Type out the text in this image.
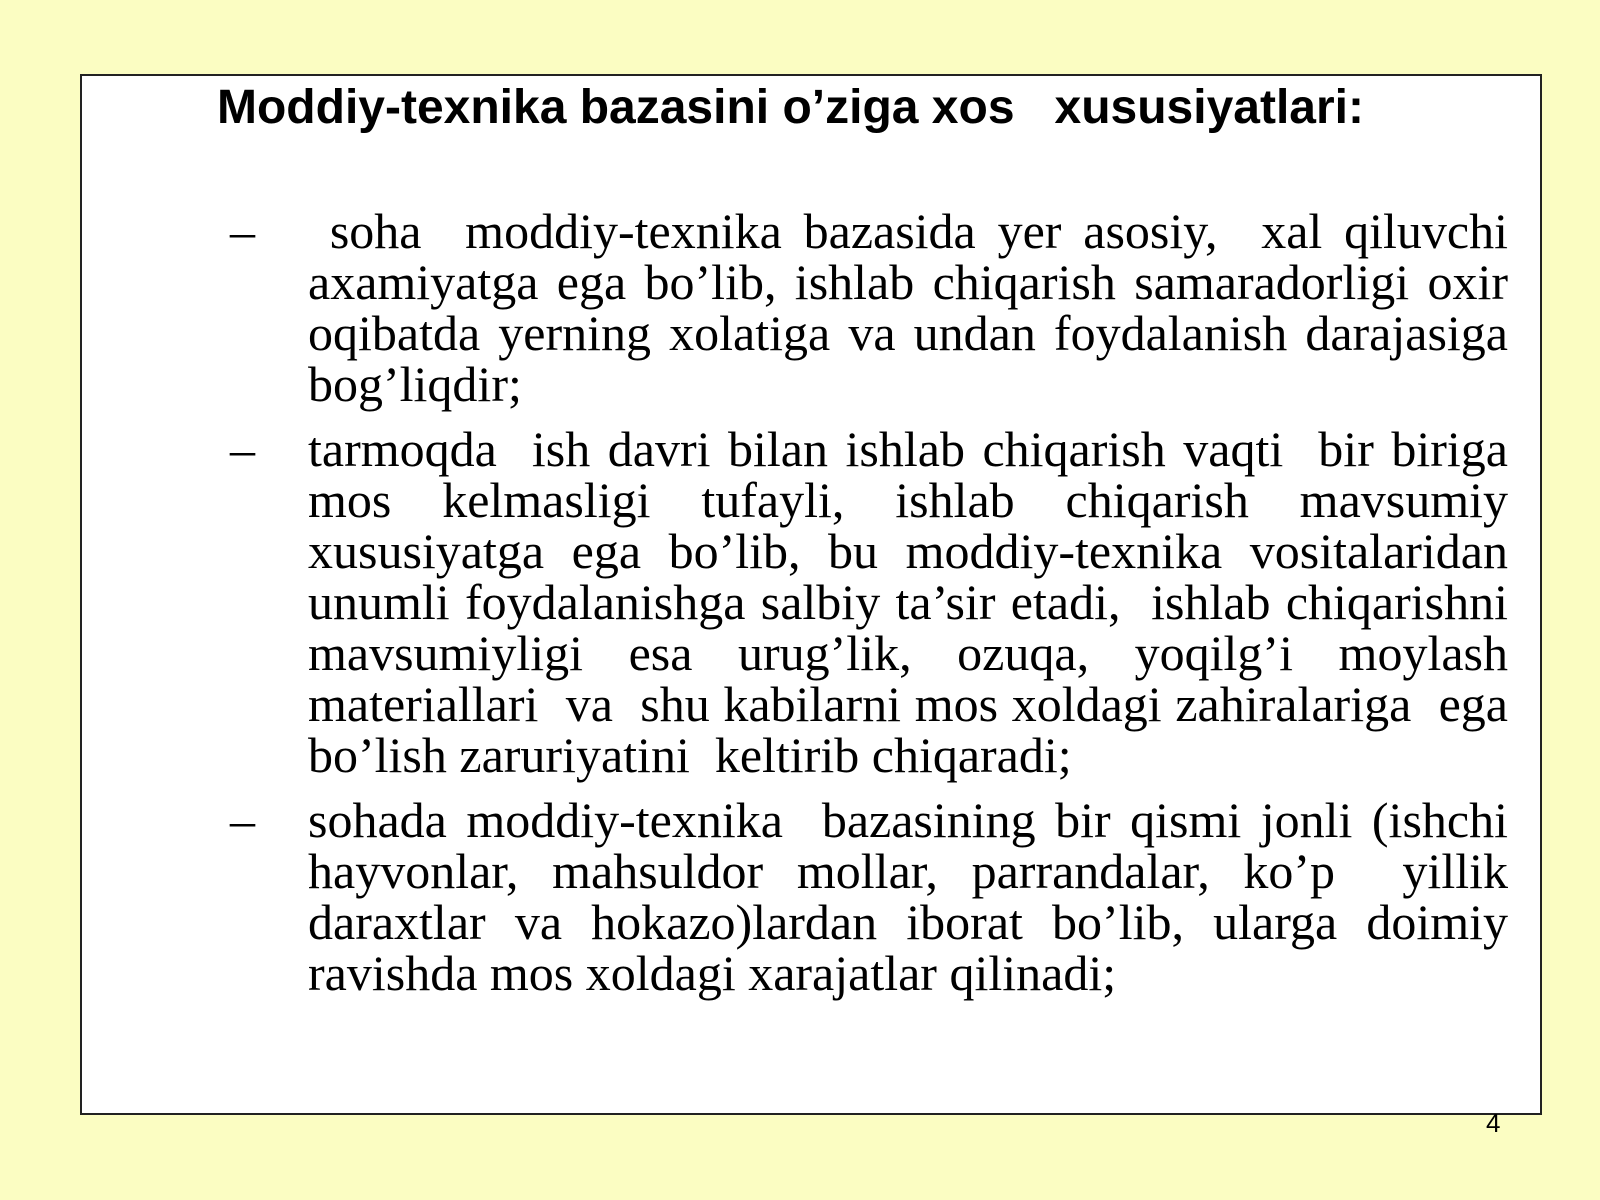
Moddiy-texnika bazasini o’ziga xos   xususiyatlari:
– soha  moddiy-texnika bazasida yer asosiy,  xal qiluvchi axamiyatga ega bo’lib, ishlab chiqarish samaradorligi oxir oqibatda yerning xolatiga va undan foydalanish darajasiga bog’liqdir;
– tarmoqda  ish davri bilan ishlab chiqarish vaqti  bir biriga mos kelmasligi tufayli, ishlab chiqarish mavsumiy xususiyatga ega bo’lib, bu moddiy-texnika vositalaridan unumli foydalanishga salbiy ta’sir etadi,  ishlab chiqarishni mavsumiyligi esa urug’lik, ozuqa, yoqilg’i moylash materiallari  va  shu kabilarni mos xoldagi zahiralariga  ega bo’lish zaruriyatini  keltirib chiqaradi;
– sohada moddiy-texnika  bazasining bir qismi jonli (ishchi hayvonlar, mahsuldor mollar, parrandalar, ko’p  yillik daraxtlar va hokazo)lardan iborat bo’lib, ularga doimiy ravishda mos xoldagi xarajatlar qilinadi;
4
